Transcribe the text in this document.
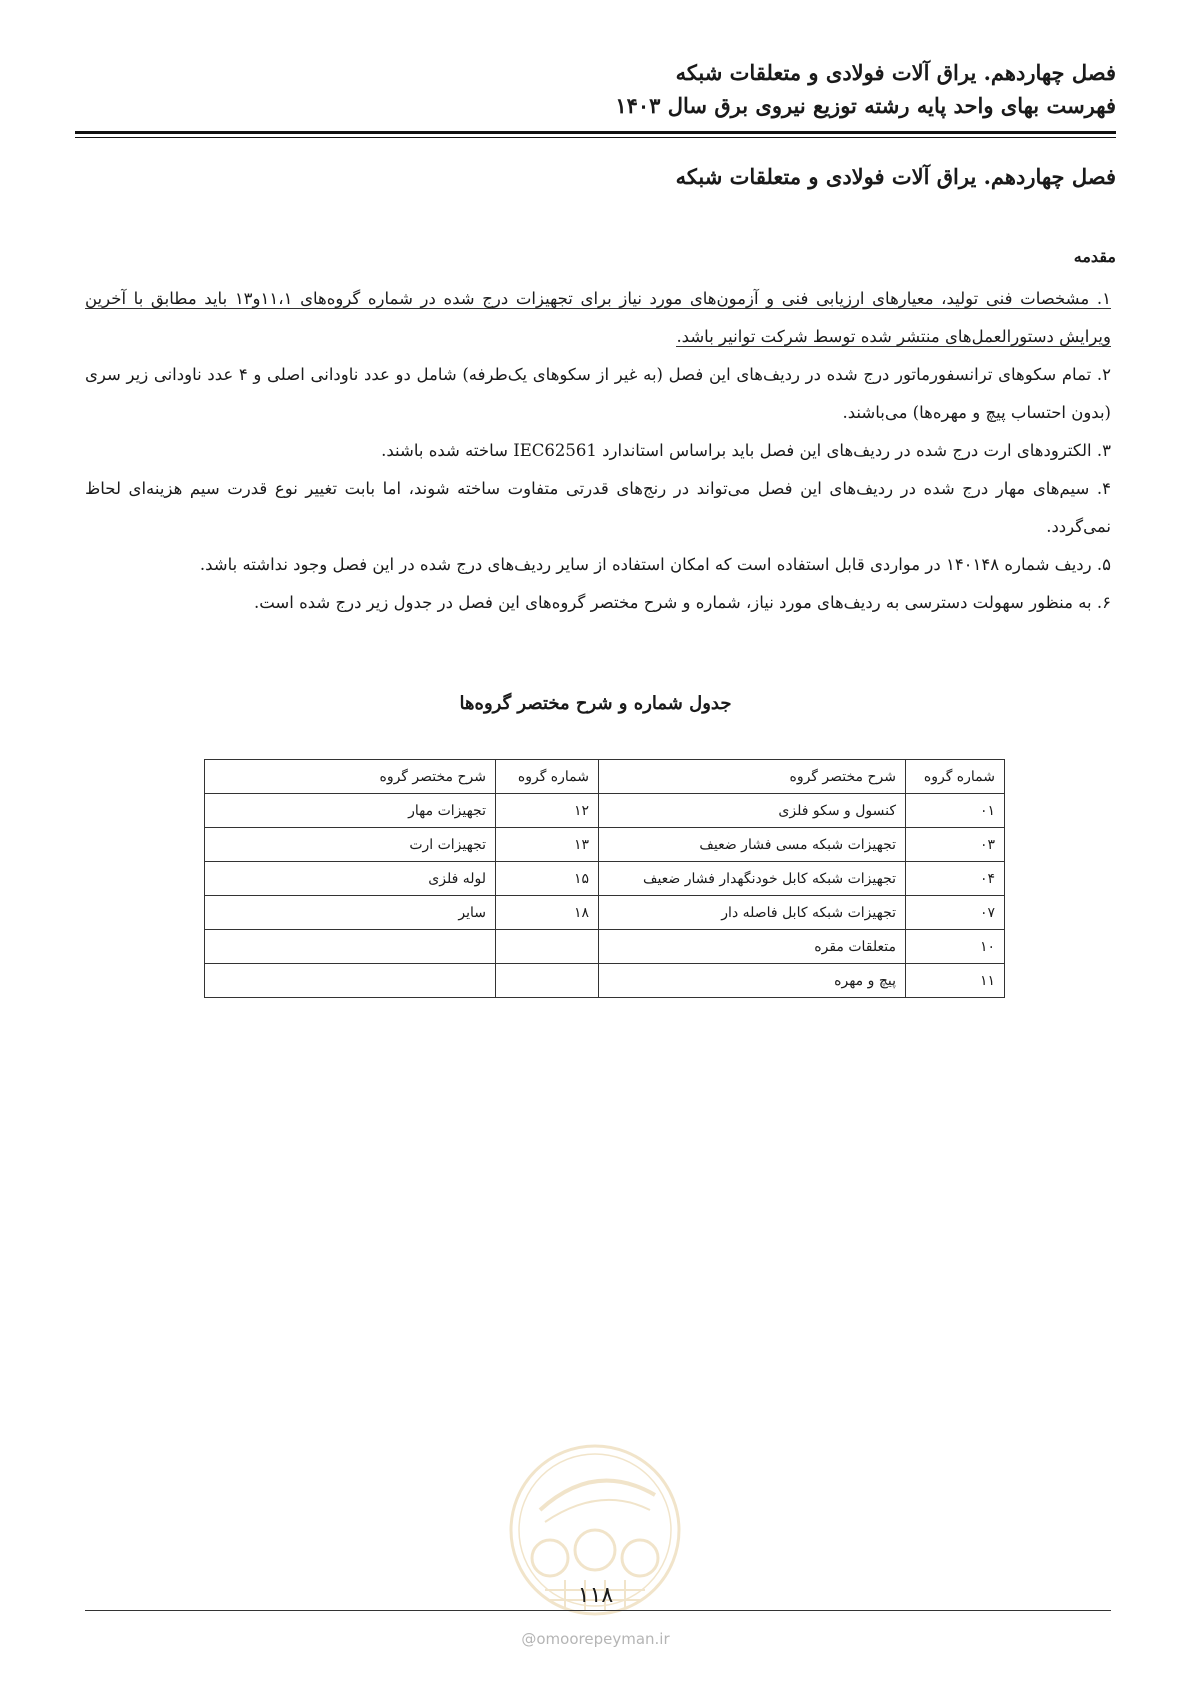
فصل چهاردهم. یراق آلات فولادی و متعلقات شبکه
فهرست بهای واحد پایه رشته توزیع نیروی برق سال ۱۴۰۳
فصل چهاردهم. یراق آلات فولادی و متعلقات شبکه
مقدمه
۱. مشخصات فنی تولید، معیارهای ارزیابی فنی و آزمون‌های مورد نیاز برای تجهیزات درج شده در شماره گروه‌های ۱۱،۱و۱۳ باید مطابق با آخرین ویرایش دستورالعمل‌های منتشر شده توسط شرکت توانیر باشد.
۲. تمام سکوهای ترانسفورماتور درج شده در ردیف‌های این فصل (به غیر از سکوهای یک‌طرفه) شامل دو عدد ناودانی اصلی و ۴ عدد ناودانی زیر سری (بدون احتساب پیچ و مهره‌ها) می‌باشند.
۳. الکترودهای ارت درج شده در ردیف‌های این فصل باید براساس استاندارد IEC62561 ساخته شده باشند.
۴. سیم‌های مهار درج شده در ردیف‌های این فصل می‌تواند در رنج‌های قدرتی متفاوت ساخته شوند، اما بابت تغییر نوع قدرت سیم هزینه‌ای لحاظ نمی‌گردد.
۵. ردیف شماره ۱۴۰۱۴۸ در مواردی قابل استفاده است که امکان استفاده از سایر ردیف‌های درج شده در این فصل وجود نداشته باشد.
۶. به منظور سهولت دسترسی به ردیف‌های مورد نیاز، شماره و شرح مختصر گروه‌های این فصل در جدول زیر درج شده است.
جدول شماره و شرح مختصر گروه‌ها
شماره گروه	شرح مختصر گروه	شماره گروه	شرح مختصر گروه
۰۱	کنسول و سکو فلزی	۱۲	تجهیزات مهار
۰۳	تجهیزات شبکه مسی فشار ضعیف	۱۳	تجهیزات ارت
۰۴	تجهیزات شبکه کابل خودنگهدار فشار ضعیف	۱۵	لوله فلزی
۰۷	تجهیزات شبکه کابل فاصله دار	۱۸	سایر
۱۰	متعلقات مقره		
۱۱	پیچ و مهره		
۱۱۸
@omoorepeyman.ir
